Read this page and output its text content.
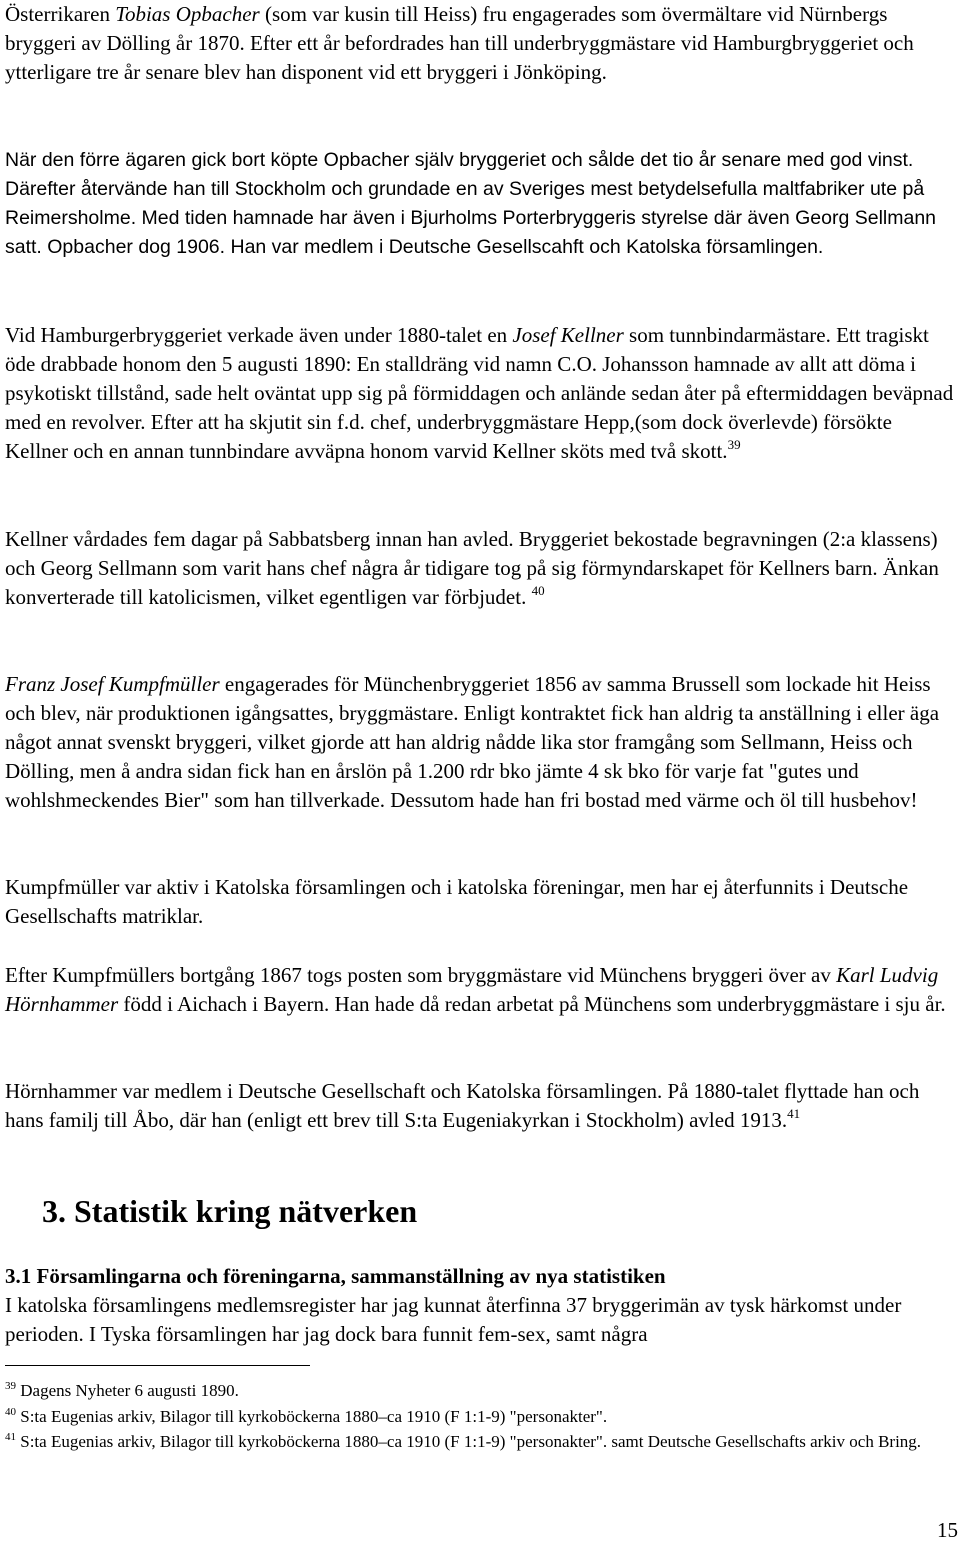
Österrikaren Tobias Opbacher (som var kusin till Heiss) fru engagerades som övermältare vid Nürnbergs bryggeri av Dölling år 1870. Efter ett år befordrades han till underbryggmästare vid Hamburgbryggeriet och ytterligare tre år senare blev han disponent vid ett bryggeri i Jönköping.

När den förre ägaren gick bort köpte Opbacher själv bryggeriet och sålde det tio år senare med god vinst. Därefter återvände han till Stockholm och grundade en av Sveriges mest betydelsefulla maltfabriker ute på Reimersholme. Med tiden hamnade har även i Bjurholms Porterbryggeris styrelse där även Georg Sellmann satt. Opbacher dog 1906. Han var medlem i Deutsche Gesellscahft och Katolska församlingen.

Vid Hamburgerbryggeriet verkade även under 1880-talet en Josef Kellner som tunnbindarmästare. Ett tragiskt öde drabbade honom den 5 augusti 1890: En stalldräng vid namn C.O. Johansson hamnade av allt att döma i psykotiskt tillstånd, sade helt oväntat upp sig på förmiddagen och anlände sedan åter på eftermiddagen beväpnad med en revolver. Efter att ha skjutit sin f.d. chef, underbryggmästare Hepp,(som dock överlevde) försökte Kellner och en annan tunnbindare avväpna honom varvid Kellner sköts med två skott.$^{39}$

Kellner vårdades fem dagar på Sabbatsberg innan han avled. Bryggeriet bekostade begravningen (2:a klassens) och Georg Sellmann som varit hans chef några år tidigare tog på sig förmyndarskapet för Kellners barn. Änkan konverterade till katolicismen, vilket egentligen var förbjudet. $^{40}$

Franz Josef Kumpfmüller engagerades för Münchenbryggeriet 1856 av samma Brussell som lockade hit Heiss och blev, när produktionen igångsattes, bryggmästare. Enligt kontraktet fick han aldrig ta anställning i eller äga något annat svenskt bryggeri, vilket gjorde att han aldrig nådde lika stor framgång som Sellmann, Heiss och Dölling, men å andra sidan fick han en årslön på 1.200 rdr bko jämte 4 sk bko för varje fat "gutes und wohlshmeckendes Bier" som han tillverkade. Dessutom hade han fri bostad med värme och öl till husbehov!

Kumpfmüller var aktiv i Katolska församlingen och i katolska föreningar, men har ej återfunnits i Deutsche Gesellschafts matriklar.

Efter Kumpfmüllers bortgång 1867 togs posten som bryggmästare vid Münchens bryggeri över av Karl Ludvig Hörnhammer född i Aichach i Bayern. Han hade då redan arbetat på Münchens som underbryggmästare i sju år.

Hörnhammer var medlem i Deutsche Gesellschaft och Katolska församlingen. På 1880-talet flyttade han och hans familj till Åbo, där han (enligt ett brev till S:ta Eugeniakyrkan i Stockholm) avled 1913.41

3. Statistik kring nätverken

3.1 Församlingarna och föreningarna, sammanställning av nya statistiken
I katolska församlingens medlemsregister har jag kunnat återfinna 37 bryggerimän av tysk härkomst under perioden. I Tyska församlingen har jag dock bara funnit fem-sex, samt några

$^{39}$ Dagens Nyheter 6 augusti 1890.

$^{40}$ S:ta Eugenias arkiv, Bilagor till kyrkoböckerna 1880–ca 1910 (F 1:1-9) "personakter".

$^{41}$ S:ta Eugenias arkiv, Bilagor till kyrkoböckerna 1880–ca 1910 (F 1:1-9) "personakter". samt Deutsche Gesellschafts arkiv och Bring.

15
